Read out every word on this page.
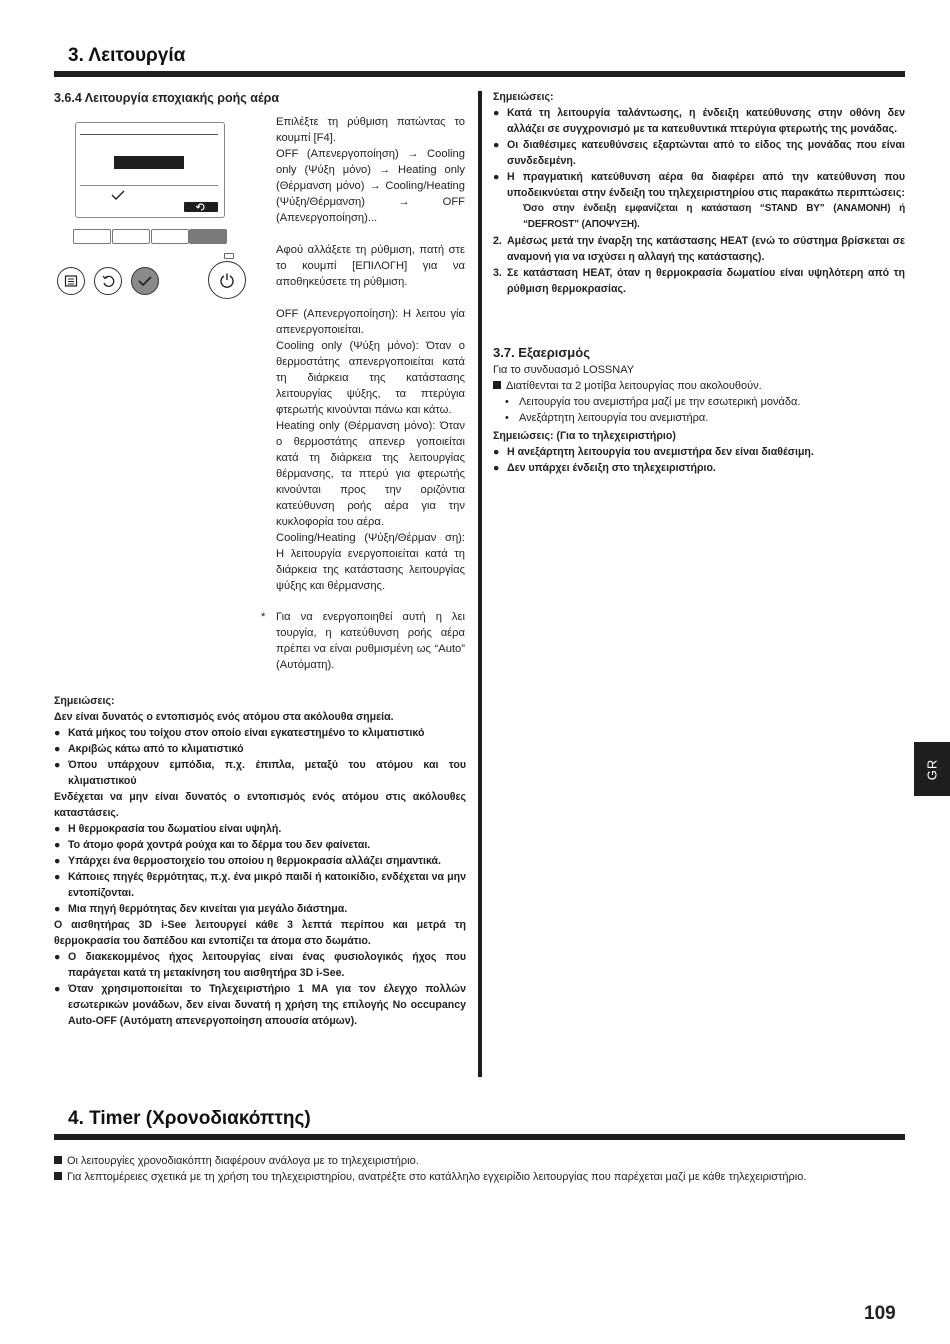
3. Λειτουργία
3.6.4 Λειτουργία εποχιακής ροής αέρα

Επιλέξτε τη ρύθμιση πατώντας το κουμπί [F4].

OFF (Απενεργοποίηση) → Cooling only (Ψύξη μόνο) → Heating only (Θέρμανση μόνο) → Cooling/Heating (Ψύξη/Θέρμανση) → OFF (Απενεργοποίηση)...

Αφού αλλάξετε τη ρύθμιση, πατή στε το κουμπί [ΕΠΙΛΟΓΗ] για να αποθηκεύσετε τη ρύθμιση.

OFF (Απενεργοποίηση): Η λειτου γία απενεργοποιείται.

Cooling only (Ψύξη μόνο): Όταν ο θερμοστάτης απενεργοποιείται κατά τη διάρκεια της κατάστασης λειτουργίας ψύξης, τα πτερύγια φτερωτής κινούνται πάνω και κάτω.

Heating only (Θέρμανση μόνο): Όταν ο θερμοστάτης απενερ γοποιείται κατά τη διάρκεια της λειτουργίας θέρμανσης, τα πτερύ για φτερωτής κινούνται προς την οριζόντια κατεύθυνση ροής αέρα για την κυκλοφορία του αέρα.

Cooling/Heating (Ψύξη/Θέρμαν ση): Η λειτουργία ενεργοποιείται κατά τη διάρκεια της κατάστασης λειτουργίας ψύξης και θέρμανσης.

* Για να ενεργοποιηθεί αυτή η λει τουργία, η κατεύθυνση ροής αέρα πρέπει να είναι ρυθμισμένη ως “Auto” (Αυτόματη).
Σημειώσεις:
Δεν είναι δυνατός ο εντοπισμός ενός ατόμου στα ακόλουθα σημεία.
● Κατά μήκος του τοίχου στον οποίο είναι εγκατεστημένο το κλιματιστικό
● Ακριβώς κάτω από το κλιματιστικό
● Όπου υπάρχουν εμπόδια, π.χ. έπιπλα, μεταξύ του ατόμου και του κλιματιστικού
Ενδέχεται να μην είναι δυνατός ο εντοπισμός ενός ατόμου στις ακόλουθες καταστάσεις.
● Η θερμοκρασία του δωματίου είναι υψηλή.
● Το άτομο φορά χοντρά ρούχα και το δέρμα του δεν φαίνεται.
● Υπάρχει ένα θερμοστοιχείο του οποίου η θερμοκρασία αλλάζει σημαντικά.
● Κάποιες πηγές θερμότητας, π.χ. ένα μικρό παιδί ή κατοικίδιο, ενδέχεται να μην εντοπίζονται.
● Μια πηγή θερμότητας δεν κινείται για μεγάλο διάστημα.
Ο αισθητήρας 3D i-See λειτουργεί κάθε 3 λεπτά περίπου και μετρά τη θερμοκρασία του δαπέδου και εντοπίζει τα άτομα στο δωμάτιο.
● Ο διακεκομμένος ήχος λειτουργίας είναι ένας φυσιολογικός ήχος που παράγεται κατά τη μετακίνηση του αισθητήρα 3D i-See.
● Όταν χρησιμοποιείται το Τηλεχειριστήριο 1 MA για τον έλεγχο πολλών εσωτερικών μονάδων, δεν είναι δυνατή η χρήση της επιλογής No occupancy Auto-OFF (Αυτόματη απενεργοποίηση απουσία ατόμων).
Σημειώσεις:
● Κατά τη λειτουργία ταλάντωσης, η ένδειξη κατεύθυνσης στην οθόνη δεν αλλάζει σε συγχρονισμό με τα κατευθυντικά πτερύγια φτερωτής της μονάδας.
● Οι διαθέσιμες κατευθύνσεις εξαρτώνται από το είδος της μονάδας που είναι συνδεδεμένη.
● Η πραγματική κατεύθυνση αέρα θα διαφέρει από την κατεύθυνση που υποδεικνύεται στην ένδειξη του τηλεχειριστηρίου στις παρακάτω περιπτώσεις:
Όσο στην ένδειξη εμφανίζεται η κατάσταση “STAND BY” (ΑΝΑΜΟΝΗ) ή “DEFROST” (ΑΠΟΨΥΞΗ).
2. Αμέσως μετά την έναρξη της κατάστασης HEAT (ενώ το σύστημα βρίσκεται σε αναμονή για να ισχύσει η αλλαγή της κατάστασης).
3. Σε κατάσταση HEAT, όταν η θερμοκρασία δωματίου είναι υψηλότερη από τη ρύθμιση θερμοκρασίας.
3.7. Εξαερισμός
Για το συνδυασμό LOSSNAY
Διατίθενται τα 2 μοτίβα λειτουργίας που ακολουθούν.
• Λειτουργία του ανεμιστήρα μαζί με την εσωτερική μονάδα.
• Ανεξάρτητη λειτουργία του ανεμιστήρα.
Σημειώσεις: (Για το τηλεχειριστήριο)
● Η ανεξάρτητη λειτουργία του ανεμιστήρα δεν είναι διαθέσιμη.
● Δεν υπάρχει ένδειξη στο τηλεχειριστήριο.
4. Timer (Χρονοδιακόπτης)
Οι λειτουργίες χρονοδιακόπτη διαφέρουν ανάλογα με το τηλεχειριστήριο.
Για λεπτομέρειες σχετικά με τη χρήση του τηλεχειριστηρίου, ανατρέξτε στο κατάλληλο εγχειρίδιο λειτουργίας που παρέχεται μαζί με κάθε τηλεχειριστήριο.
GR
109
